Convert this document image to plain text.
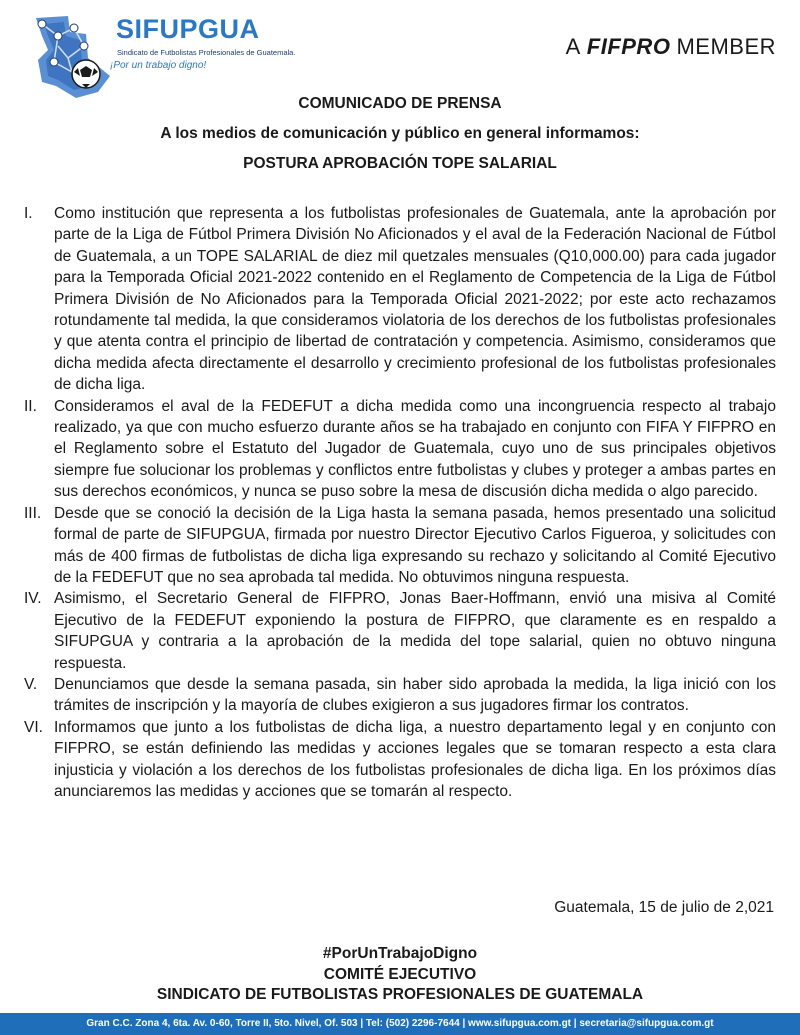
SIFUPGUA
Sindicato de Futbolistas Profesionales de Guatemala.
¡Por un trabajo digno!
A FIFPRO MEMBER
COMUNICADO DE PRENSA
A los medios de comunicación y público en general informamos:
POSTURA APROBACIÓN TOPE SALARIAL
I. Como institución que representa a los futbolistas profesionales de Guatemala, ante la aprobación por parte de la Liga de Fútbol Primera División No Aficionados y el aval de la Federación Nacional de Fútbol de Guatemala, a un TOPE SALARIAL de diez mil quetzales mensuales (Q10,000.00) para cada jugador para la Temporada Oficial 2021-2022 contenido en el Reglamento de Competencia de la Liga de Fútbol Primera División de No Aficionados para la Temporada Oficial 2021-2022; por este acto rechazamos rotundamente tal medida, la que consideramos violatoria de los derechos de los futbolistas profesionales y que atenta contra el principio de libertad de contratación y competencia. Asimismo, consideramos que dicha medida afecta directamente el desarrollo y crecimiento profesional de los futbolistas profesionales de dicha liga.
II. Consideramos el aval de la FEDEFUT a dicha medida como una incongruencia respecto al trabajo realizado, ya que con mucho esfuerzo durante años se ha trabajado en conjunto con FIFA Y FIFPRO en el Reglamento sobre el Estatuto del Jugador de Guatemala, cuyo uno de sus principales objetivos siempre fue solucionar los problemas y conflictos entre futbolistas y clubes y proteger a ambas partes en sus derechos económicos, y nunca se puso sobre la mesa de discusión dicha medida o algo parecido.
III. Desde que se conoció la decisión de la Liga hasta la semana pasada, hemos presentado una solicitud formal de parte de SIFUPGUA, firmada por nuestro Director Ejecutivo Carlos Figueroa, y solicitudes con más de 400 firmas de futbolistas de dicha liga expresando su rechazo y solicitando al Comité Ejecutivo de la FEDEFUT que no sea aprobada tal medida. No obtuvimos ninguna respuesta.
IV. Asimismo, el Secretario General de FIFPRO, Jonas Baer-Hoffmann, envió una misiva al Comité Ejecutivo de la FEDEFUT exponiendo la postura de FIFPRO, que claramente es en respaldo a SIFUPGUA y contraria a la aprobación de la medida del tope salarial, quien no obtuvo ninguna respuesta.
V. Denunciamos que desde la semana pasada, sin haber sido aprobada la medida, la liga inició con los trámites de inscripción y la mayoría de clubes exigieron a sus jugadores firmar los contratos.
VI. Informamos que junto a los futbolistas de dicha liga, a nuestro departamento legal y en conjunto con FIFPRO, se están definiendo las medidas y acciones legales que se tomaran respecto a esta clara injusticia y violación a los derechos de los futbolistas profesionales de dicha liga. En los próximos días anunciaremos las medidas y acciones que se tomarán al respecto.
Guatemala, 15 de julio de 2,021
#PorUnTrabajoDigno
COMITÉ EJECUTIVO
SINDICATO DE FUTBOLISTAS PROFESIONALES DE GUATEMALA
Gran C.C. Zona 4, 6ta. Av. 0-60, Torre II, 5to. Nivel, Of. 503 | Tel: (502) 2296-7644 | www.sifupgua.com.gt | secretaria@sifupgua.com.gt
